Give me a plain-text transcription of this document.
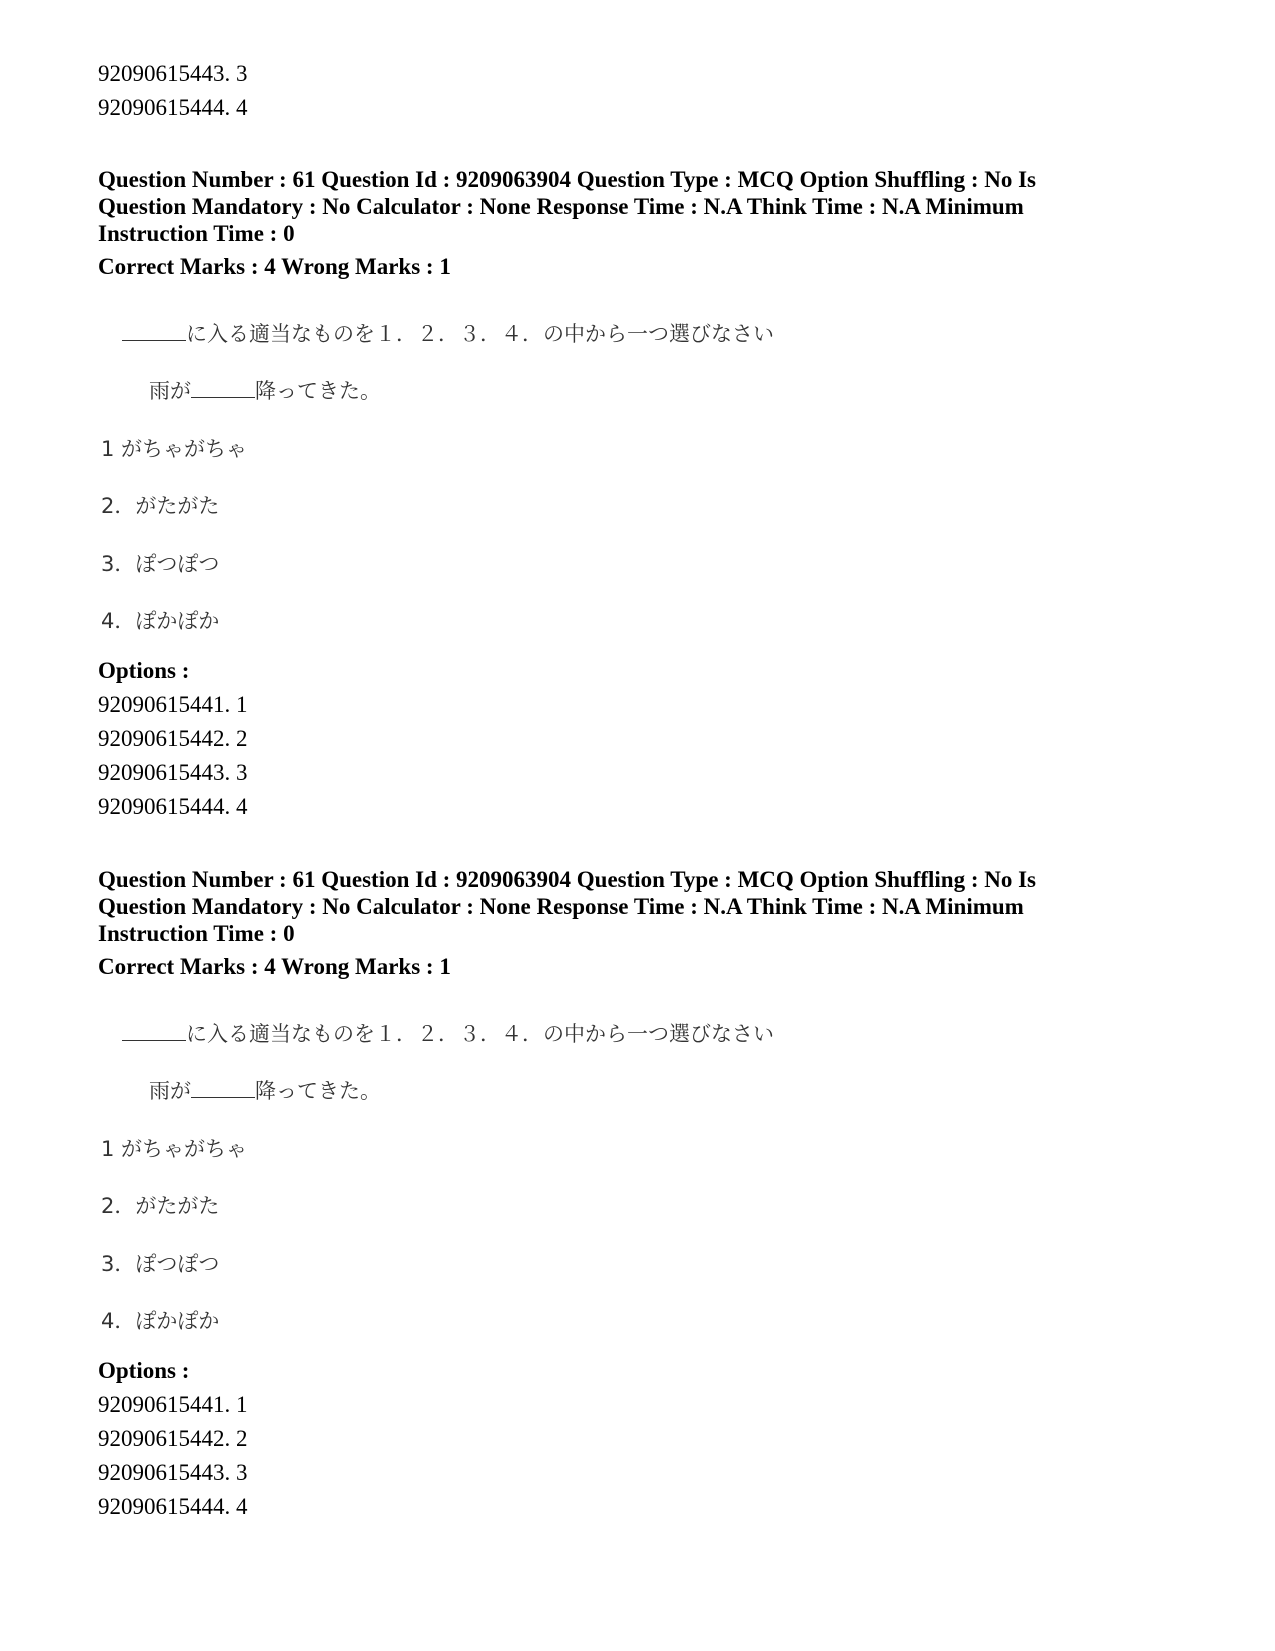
92090615443. 3
92090615444. 4
Question Number : 61 Question Id : 9209063904 Question Type : MCQ Option Shuffling : No Is
Question Mandatory : No Calculator : None Response Time : N.A Think Time : N.A Minimum
Instruction Time : 0
Correct Marks : 4 Wrong Marks : 1
に入る適当なものを１．２．３．４．の中から一つ選びなさい
雨が	降ってきた。
1 がちゃがちゃ
2．がたがた
3．ぽつぽつ
4．ぽかぽか
Options :
92090615441. 1
92090615442. 2
92090615443. 3
92090615444. 4
Question Number : 61 Question Id : 9209063904 Question Type : MCQ Option Shuffling : No Is
Question Mandatory : No Calculator : None Response Time : N.A Think Time : N.A Minimum
Instruction Time : 0
Correct Marks : 4 Wrong Marks : 1
に入る適当なものを１．２．３．４．の中から一つ選びなさい
雨が	降ってきた。
1 がちゃがちゃ
2．がたがた
3．ぽつぽつ
4．ぽかぽか
Options :
92090615441. 1
92090615442. 2
92090615443. 3
92090615444. 4
